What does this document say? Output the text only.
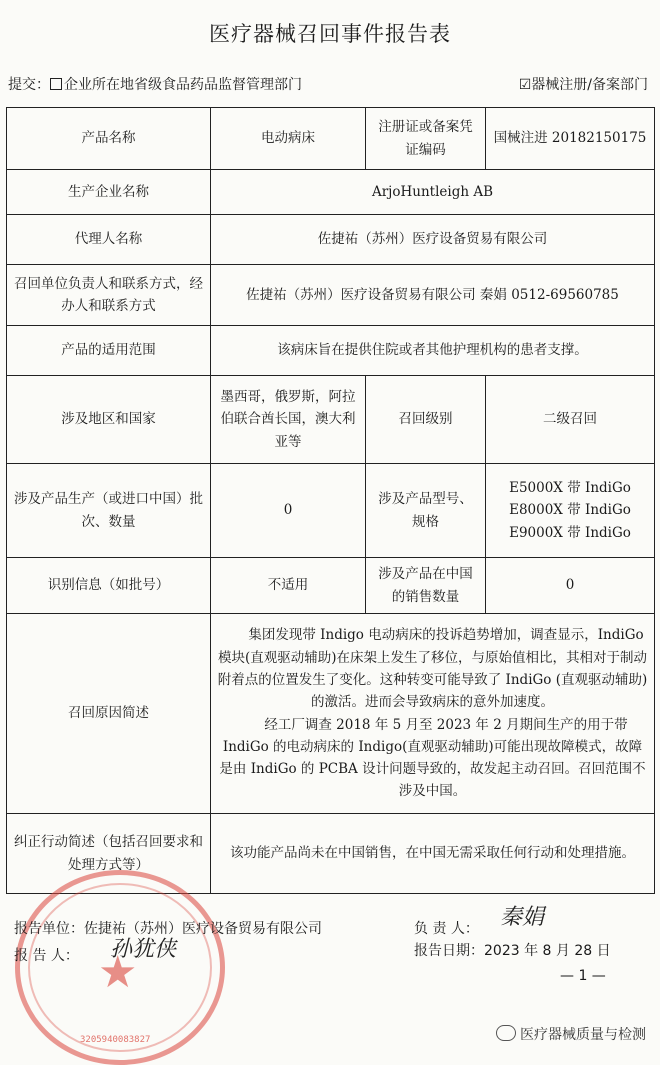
医疗器械召回事件报告表
提交： 企业所在地省级食品药品监督管理部门	☑器械注册/备案部门
产品名称	电动病床	注册证或备案凭证编码	国械注进 20182150175
生产企业名称	ArjoHuntleigh AB		
代理人名称	佐捷祐（苏州）医疗设备贸易有限公司		
召回单位负责人和联系方式，经办人和联系方式	佐捷祐（苏州）医疗设备贸易有限公司 秦娟 0512-69560785		
产品的适用范围	该病床旨在提供住院或者其他护理机构的患者支撑。		
涉及地区和国家	墨西哥，俄罗斯，阿拉伯联合酋长国，澳大利亚等	召回级别	二级召回
涉及产品生产（或进口中国）批次、数量	0	涉及产品型号、规格	E5000X 带 IndiGo
E8000X 带 IndiGo
E9000X 带 IndiGo

识别信息（如批号）	不适用	涉及产品在中国的销售数量	0
召回原因简述	集团发现带 Indigo 电动病床的投诉趋势增加，调查显示，IndiGo 模块(直观驱动辅助)在床架上发生了移位，与原始值相比，其相对于制动附着点的位置发生了变化。这种转变可能导致了 IndiGo (直观驱动辅助)的激活。进而会导致病床的意外加速度。
经工厂调查 2018 年 5 月至 2023 年 2 月期间生产的用于带 IndiGo 的电动病床的 Indigo(直观驱动辅助)可能出现故障模式，故障是由 IndiGo 的 PCBA 设计问题导致的，故发起主动召回。召回范围不涉及中国。		

纠正行动简述（包括召回要求和处理方式等）	该功能产品尚未在中国销售，在中国无需采取任何行动和处理措施。		
★
3205940083827
报告单位：佐捷祐（苏州）医疗设备贸易有限公司
报 告 人： 孙犹侠
负 责 人： 秦娟
报告日期：2023 年 8 月 28 日
— 1 —
医疗器械质量与检测
